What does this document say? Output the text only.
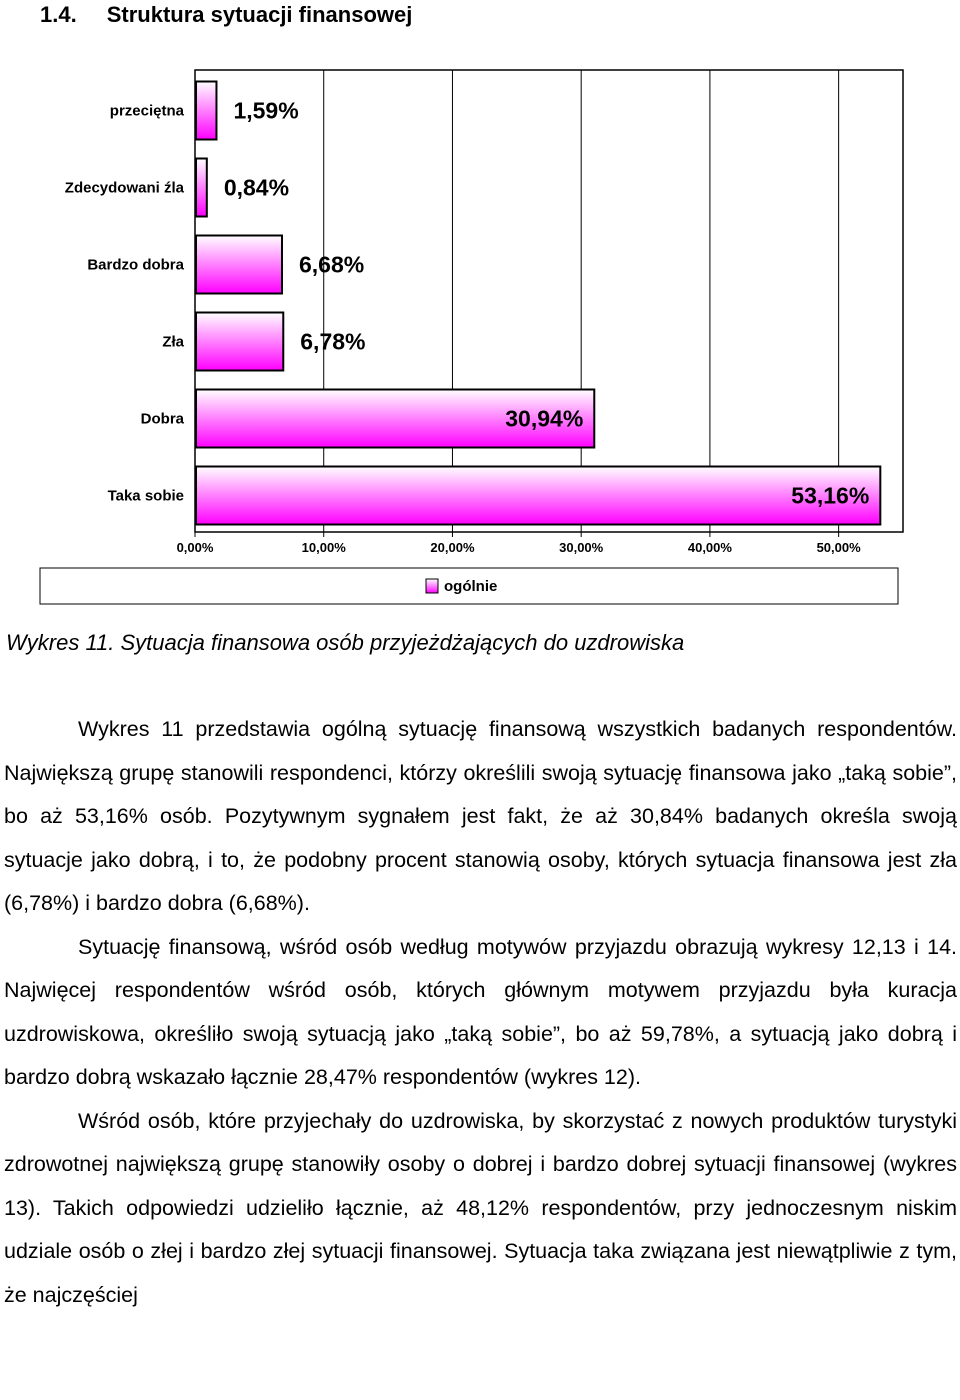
1.4. Struktura sytuacji finansowej
przeciętna
Zdecydowani źla
Bardzo dobra
Zła
Dobra
Taka sobie
1,59%
0,84%
6,68%
6,78%
30,94%
53,16%
0,00%	10,00%	20,00%	30,00%	40,00%	50,00%
ogólnie
Wykres 11. Sytuacja finansowa osób przyjeżdżających do uzdrowiska

Wykres 11 przedstawia ogólną sytuację finansową wszystkich badanych respondentów. Największą grupę stanowili respondenci, którzy określili swoją sytuację finansowa jako „taką sobie”, bo aż 53,16% osób. Pozytywnym sygnałem jest fakt, że aż 30,84% badanych określa swoją sytuacje jako dobrą, i to, że podobny procent stanowią osoby, których sytuacja finansowa jest zła (6,78%) i bardzo dobra (6,68%).

Sytuację finansową, wśród osób według motywów przyjazdu obrazują wykresy 12,13 i 14. Najwięcej respondentów wśród osób, których głównym motywem przyjazdu była kuracja uzdrowiskowa, określiło swoją sytuacją jako „taką sobie”, bo aż 59,78%, a sytuacją jako dobrą i bardzo dobrą wskazało łącznie 28,47% respondentów (wykres 12).

Wśród osób, które przyjechały do uzdrowiska, by skorzystać z nowych produktów turystyki zdrowotnej największą grupę stanowiły osoby o dobrej i bardzo dobrej sytuacji finansowej (wykres 13). Takich odpowiedzi udzieliło łącznie, aż 48,12% respondentów, przy jednoczesnym niskim udziale osób o złej i bardzo złej sytuacji finansowej. Sytuacja taka związana jest niewątpliwie z tym, że najczęściej
